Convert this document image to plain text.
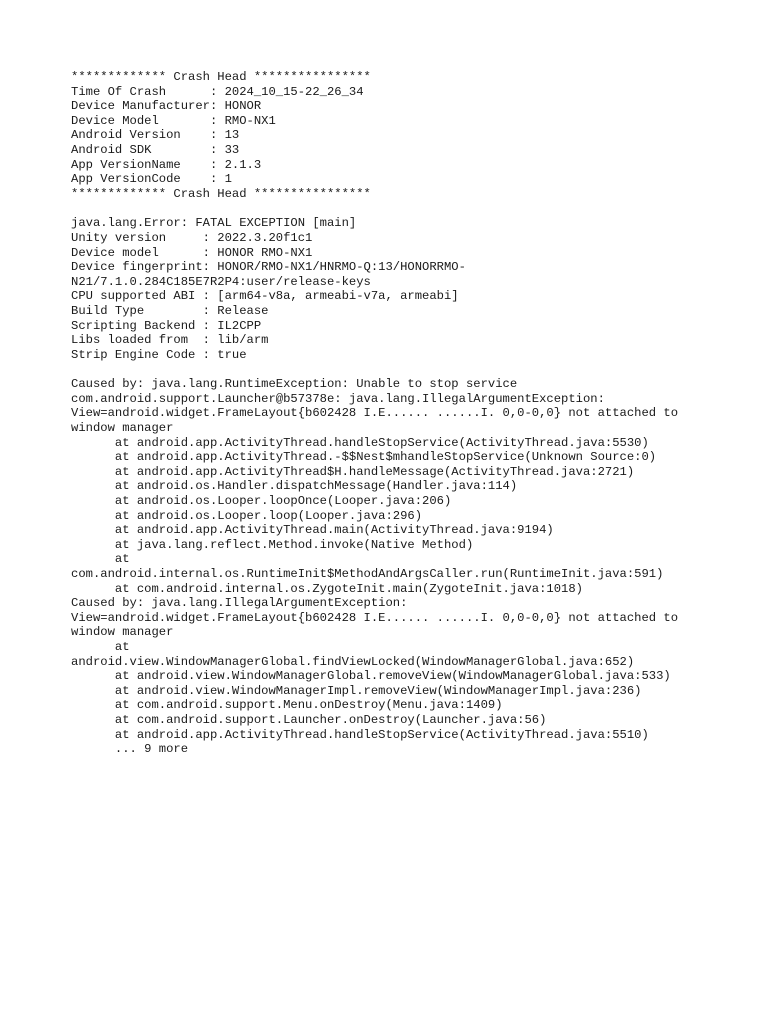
************* Crash Head ****************
Time Of Crash      : 2024_10_15-22_26_34
Device Manufacturer: HONOR
Device Model       : RMO-NX1
Android Version    : 13
Android SDK        : 33
App VersionName    : 2.1.3
App VersionCode    : 1
************* Crash Head ****************
java.lang.Error: FATAL EXCEPTION [main]
Unity version     : 2022.3.20f1c1
Device model      : HONOR RMO-NX1
Device fingerprint: HONOR/RMO-NX1/HNRMO-Q:13/HONORRMO-
N21/7.1.0.284C185E7R2P4:user/release-keys
CPU supported ABI : [arm64-v8a, armeabi-v7a, armeabi]
Build Type        : Release
Scripting Backend : IL2CPP
Libs loaded from  : lib/arm
Strip Engine Code : true
Caused by: java.lang.RuntimeException: Unable to stop service
com.android.support.Launcher@b57378e: java.lang.IllegalArgumentException:
View=android.widget.FrameLayout{b602428 I.E...... ......I. 0,0-0,0} not attached to
window manager
at android.app.ActivityThread.handleStopService(ActivityThread.java:5530)
at android.app.ActivityThread.-$$Nest$mhandleStopService(Unknown Source:0)
at android.app.ActivityThread$H.handleMessage(ActivityThread.java:2721)
at android.os.Handler.dispatchMessage(Handler.java:114)
at android.os.Looper.loopOnce(Looper.java:206)
at android.os.Looper.loop(Looper.java:296)
at android.app.ActivityThread.main(ActivityThread.java:9194)
at java.lang.reflect.Method.invoke(Native Method)
at
com.android.internal.os.RuntimeInit$MethodAndArgsCaller.run(RuntimeInit.java:591)
at com.android.internal.os.ZygoteInit.main(ZygoteInit.java:1018)
Caused by: java.lang.IllegalArgumentException:
View=android.widget.FrameLayout{b602428 I.E...... ......I. 0,0-0,0} not attached to
window manager
at
android.view.WindowManagerGlobal.findViewLocked(WindowManagerGlobal.java:652)
at android.view.WindowManagerGlobal.removeView(WindowManagerGlobal.java:533)
at android.view.WindowManagerImpl.removeView(WindowManagerImpl.java:236)
at com.android.support.Menu.onDestroy(Menu.java:1409)
at com.android.support.Launcher.onDestroy(Launcher.java:56)
at android.app.ActivityThread.handleStopService(ActivityThread.java:5510)
... 9 more
